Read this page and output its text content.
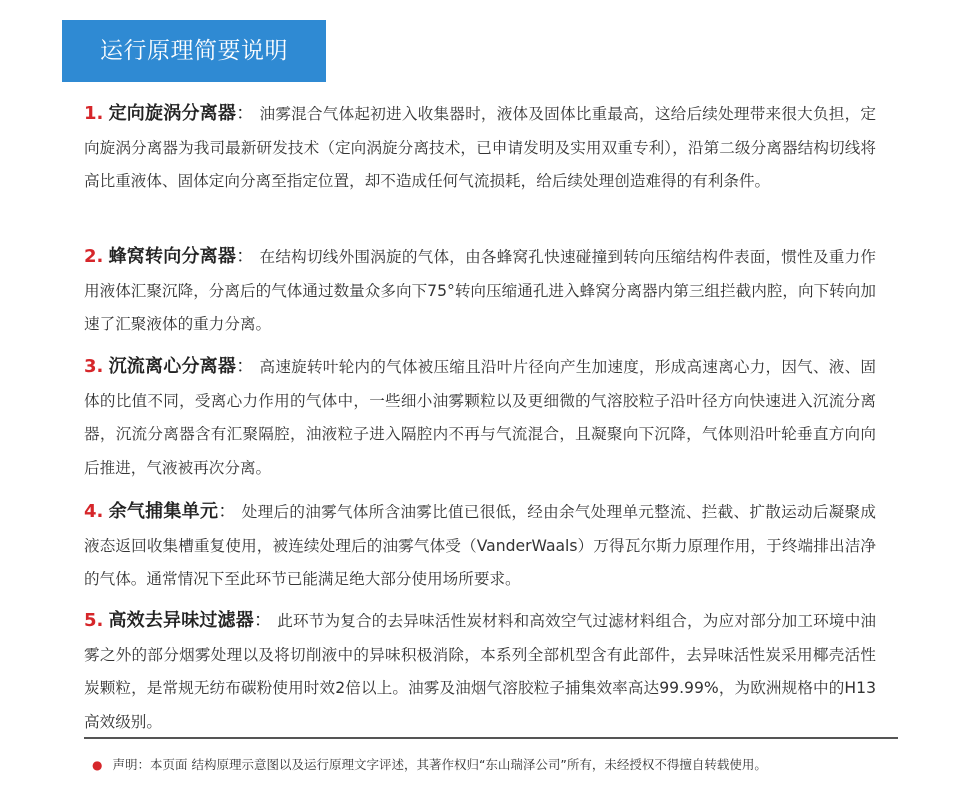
运行原理简要说明
1. 定向旋涡分离器： 油雾混合气体起初进入收集器时，液体及固体比重最高，这给后续处理带来很大负担，定向旋涡分离器为我司最新研发技术（定向涡旋分离技术，已申请发明及实用双重专利），沿第二级分离器结构切线将高比重液体、固体定向分离至指定位置，却不造成任何气流损耗，给后续处理创造难得的有利条件。
2. 蜂窝转向分离器： 在结构切线外围涡旋的气体，由各蜂窝孔快速碰撞到转向压缩结构件表面，惯性及重力作用液体汇聚沉降，分离后的气体通过数量众多向下75°转向压缩通孔进入蜂窝分离器内第三组拦截内腔，向下转向加速了汇聚液体的重力分离。
3. 沉流离心分离器： 高速旋转叶轮内的气体被压缩且沿叶片径向产生加速度，形成高速离心力，因气、液、固体的比值不同，受离心力作用的气体中，一些细小油雾颗粒以及更细微的气溶胶粒子沿叶径方向快速进入沉流分离器，沉流分离器含有汇聚隔腔，油液粒子进入隔腔内不再与气流混合，且凝聚向下沉降，气体则沿叶轮垂直方向向后推进，气液被再次分离。
4. 余气捕集单元： 处理后的油雾气体所含油雾比值已很低，经由余气处理单元整流、拦截、扩散运动后凝聚成液态返回收集槽重复使用，被连续处理后的油雾气体受（VanderWaals）万得瓦尔斯力原理作用，于终端排出洁净的气体。通常情况下至此环节已能满足绝大部分使用场所要求。
5. 高效去异味过滤器： 此环节为复合的去异味活性炭材料和高效空气过滤材料组合，为应对部分加工环境中油雾之外的部分烟雾处理以及将切削液中的异味积极消除，本系列全部机型含有此部件，去异味活性炭采用椰壳活性炭颗粒，是常规无纺布碳粉使用时效2倍以上。油雾及油烟气溶胶粒子捕集效率高达99.99%，为欧洲规格中的H13高效级别。
● 声明：本页面 结构原理示意图以及运行原理文字评述，其著作权归“东山瑞泽公司”所有，未经授权不得擅自转载使用。
